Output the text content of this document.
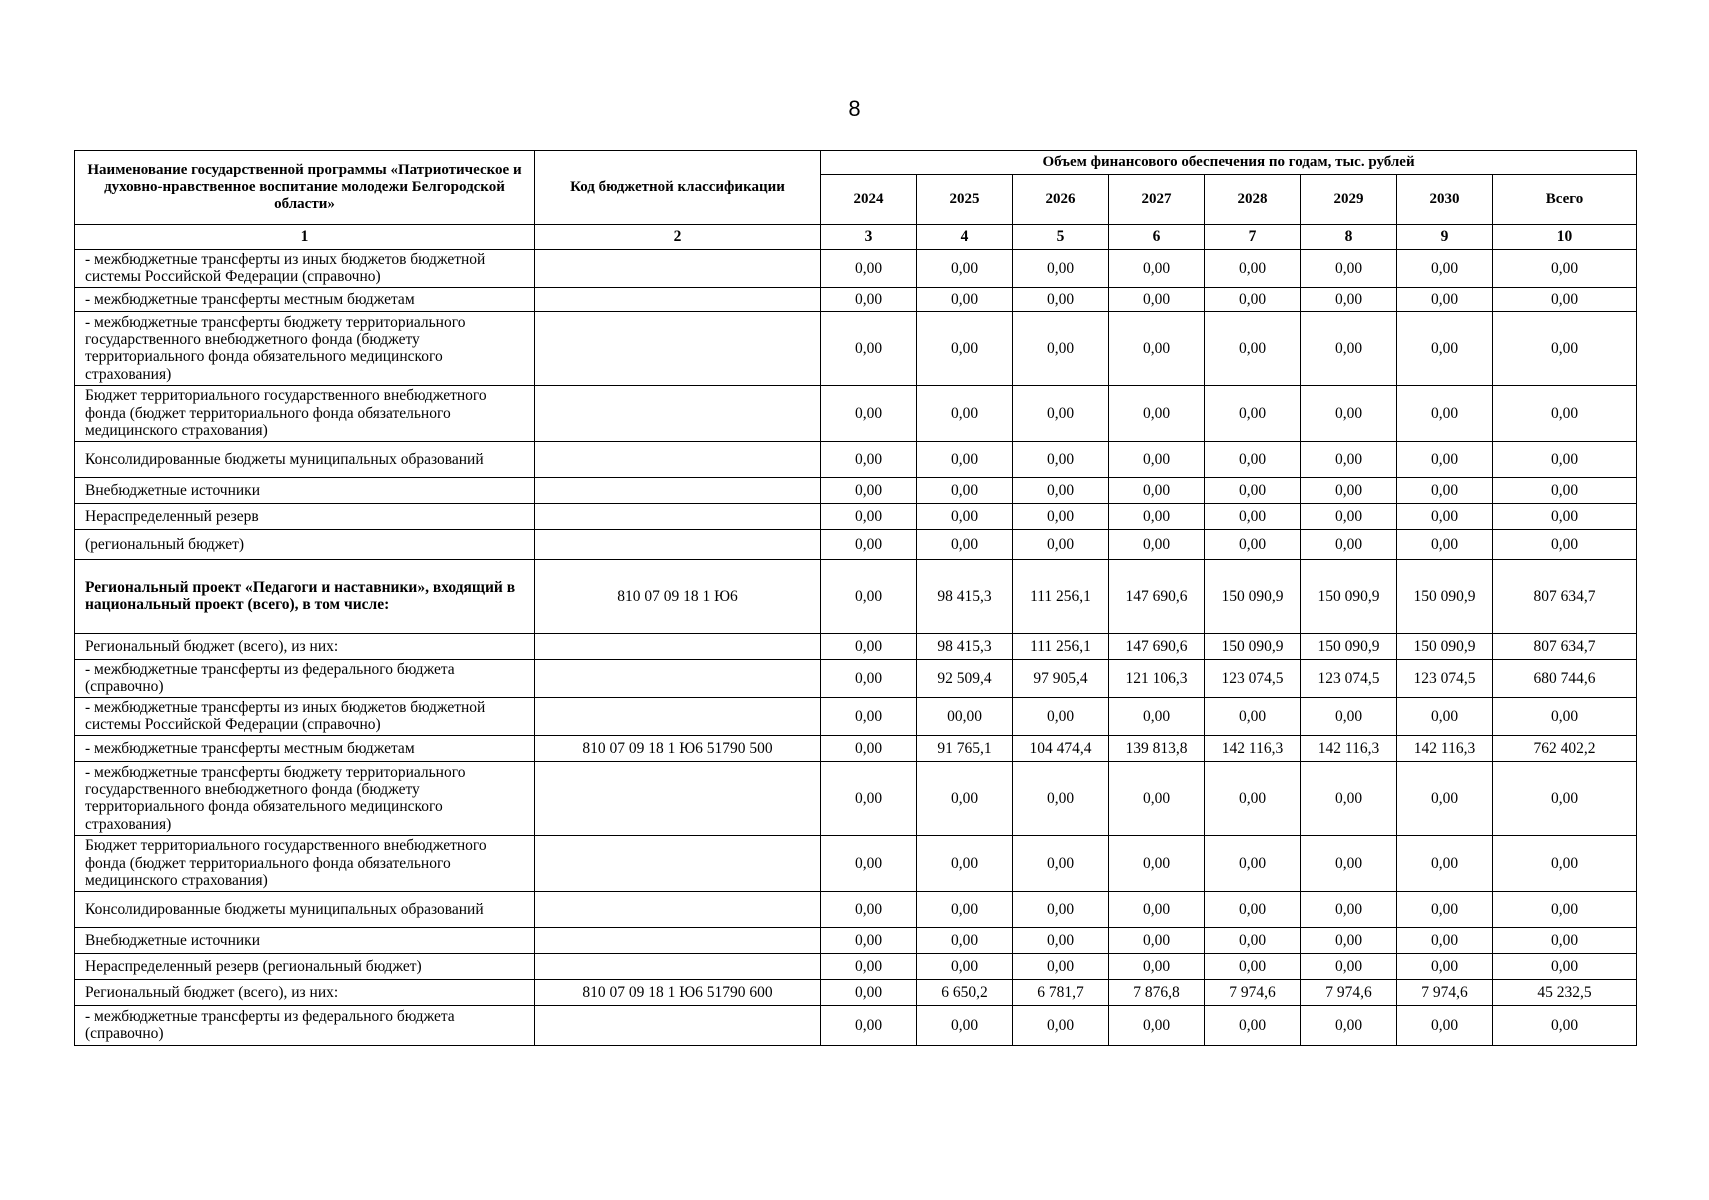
8
Наименование государственной программы «Патриотическое и духовно-нравственное воспитание молодежи Белгородской области»	Код бюджетной классификации	Объем финансового обеспечения по годам, тыс. рублей							
		2024	2025	2026	2027	2028	2029	2030	Всего
1	2	3	4	5	6	7	8	9	10
- межбюджетные трансферты из иных бюджетов бюджетной системы Российской Федерации (справочно)		0,00	0,00	0,00	0,00	0,00	0,00	0,00	0,00
- межбюджетные трансферты местным бюджетам		0,00	0,00	0,00	0,00	0,00	0,00	0,00	0,00
- межбюджетные трансферты бюджету территориального государственного внебюджетного фонда (бюджету территориального фонда обязательного медицинского страхования)		0,00	0,00	0,00	0,00	0,00	0,00	0,00	0,00
Бюджет территориального государственного внебюджетного фонда (бюджет территориального фонда обязательного медицинского страхования)		0,00	0,00	0,00	0,00	0,00	0,00	0,00	0,00
Консолидированные бюджеты муниципальных образований		0,00	0,00	0,00	0,00	0,00	0,00	0,00	0,00
Внебюджетные источники		0,00	0,00	0,00	0,00	0,00	0,00	0,00	0,00
Нераспределенный резерв		0,00	0,00	0,00	0,00	0,00	0,00	0,00	0,00
(региональный бюджет)		0,00	0,00	0,00	0,00	0,00	0,00	0,00	0,00
Региональный проект «Педагоги и наставники», входящий в национальный проект (всего), в том числе:	810 07 09 18 1 Ю6	0,00	98 415,3	111 256,1	147 690,6	150 090,9	150 090,9	150 090,9	807 634,7
Региональный бюджет (всего), из них:		0,00	98 415,3	111 256,1	147 690,6	150 090,9	150 090,9	150 090,9	807 634,7
- межбюджетные трансферты из федерального бюджета (справочно)		0,00	92 509,4	97 905,4	121 106,3	123 074,5	123 074,5	123 074,5	680 744,6
- межбюджетные трансферты из иных бюджетов бюджетной системы Российской Федерации (справочно)		0,00	00,00	0,00	0,00	0,00	0,00	0,00	0,00
- межбюджетные трансферты местным бюджетам	810 07 09 18 1 Ю6 51790 500	0,00	91 765,1	104 474,4	139 813,8	142 116,3	142 116,3	142 116,3	762 402,2
- межбюджетные трансферты бюджету территориального государственного внебюджетного фонда (бюджету территориального фонда обязательного медицинского страхования)		0,00	0,00	0,00	0,00	0,00	0,00	0,00	0,00
Бюджет территориального государственного внебюджетного фонда (бюджет территориального фонда обязательного медицинского страхования)		0,00	0,00	0,00	0,00	0,00	0,00	0,00	0,00
Консолидированные бюджеты муниципальных образований		0,00	0,00	0,00	0,00	0,00	0,00	0,00	0,00
Внебюджетные источники		0,00	0,00	0,00	0,00	0,00	0,00	0,00	0,00
Нераспределенный резерв (региональный бюджет)		0,00	0,00	0,00	0,00	0,00	0,00	0,00	0,00
Региональный бюджет (всего), из них:	810 07 09 18 1 Ю6 51790 600	0,00	6 650,2	6 781,7	7 876,8	7 974,6	7 974,6	7 974,6	45 232,5
- межбюджетные трансферты из федерального бюджета (справочно)		0,00	0,00	0,00	0,00	0,00	0,00	0,00	0,00
